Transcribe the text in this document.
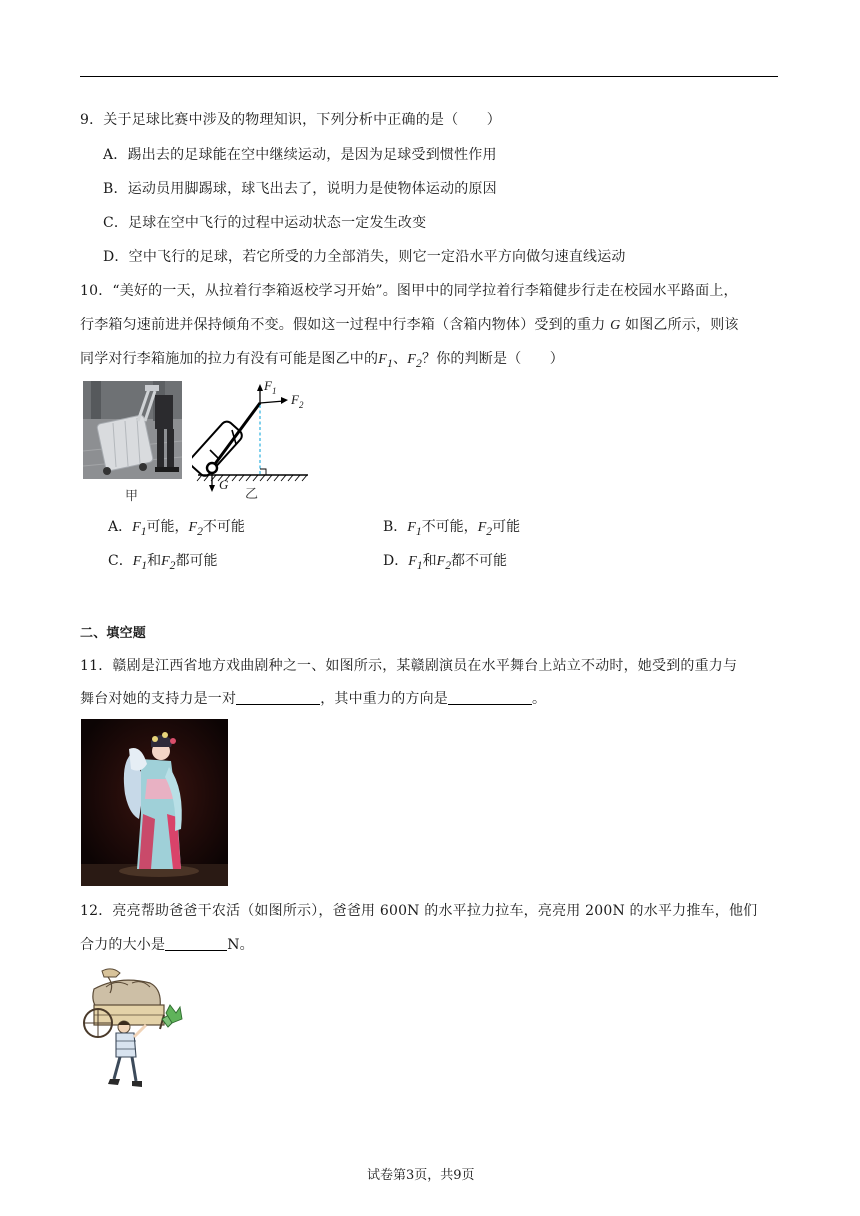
9．关于足球比赛中涉及的物理知识，下列分析中正确的是（　　）
A．踢出去的足球能在空中继续运动，是因为足球受到惯性作用
B．运动员用脚踢球，球飞出去了，说明力是使物体运动的原因
C．足球在空中飞行的过程中运动状态一定发生改变
D．空中飞行的足球，若它所受的力全部消失，则它一定沿水平方向做匀速直线运动
10．“美好的一天，从拉着行李箱返校学习开始”。图甲中的同学拉着行李箱健步行走在校园水平路面上，
行李箱匀速前进并保持倾角不变。假如这一过程中行李箱（含箱内物体）受到的重力 G 如图乙所示，则该
同学对行李箱施加的拉力有没有可能是图乙中的$F_1$、$F_2$？你的判断是（　　）
甲
$F_1$
$F_2$
G
乙
A．$F_1$可能，$F_2$不可能	B．$F_1$不可能，$F_2$可能
C．$F_1$和$F_2$都可能	D．$F_1$和$F_2$都不可能
二、填空题
11．赣剧是江西省地方戏曲剧种之一、如图所示，某赣剧演员在水平舞台上站立不动时，她受到的重力与
舞台对她的支持力是一对	，其中重力的方向是	。
12．亮亮帮助爸爸干农活（如图所示），爸爸用 600N 的水平拉力拉车，亮亮用 200N 的水平力推车，他们
合力的大小是	N。
试卷第3页，共9页
